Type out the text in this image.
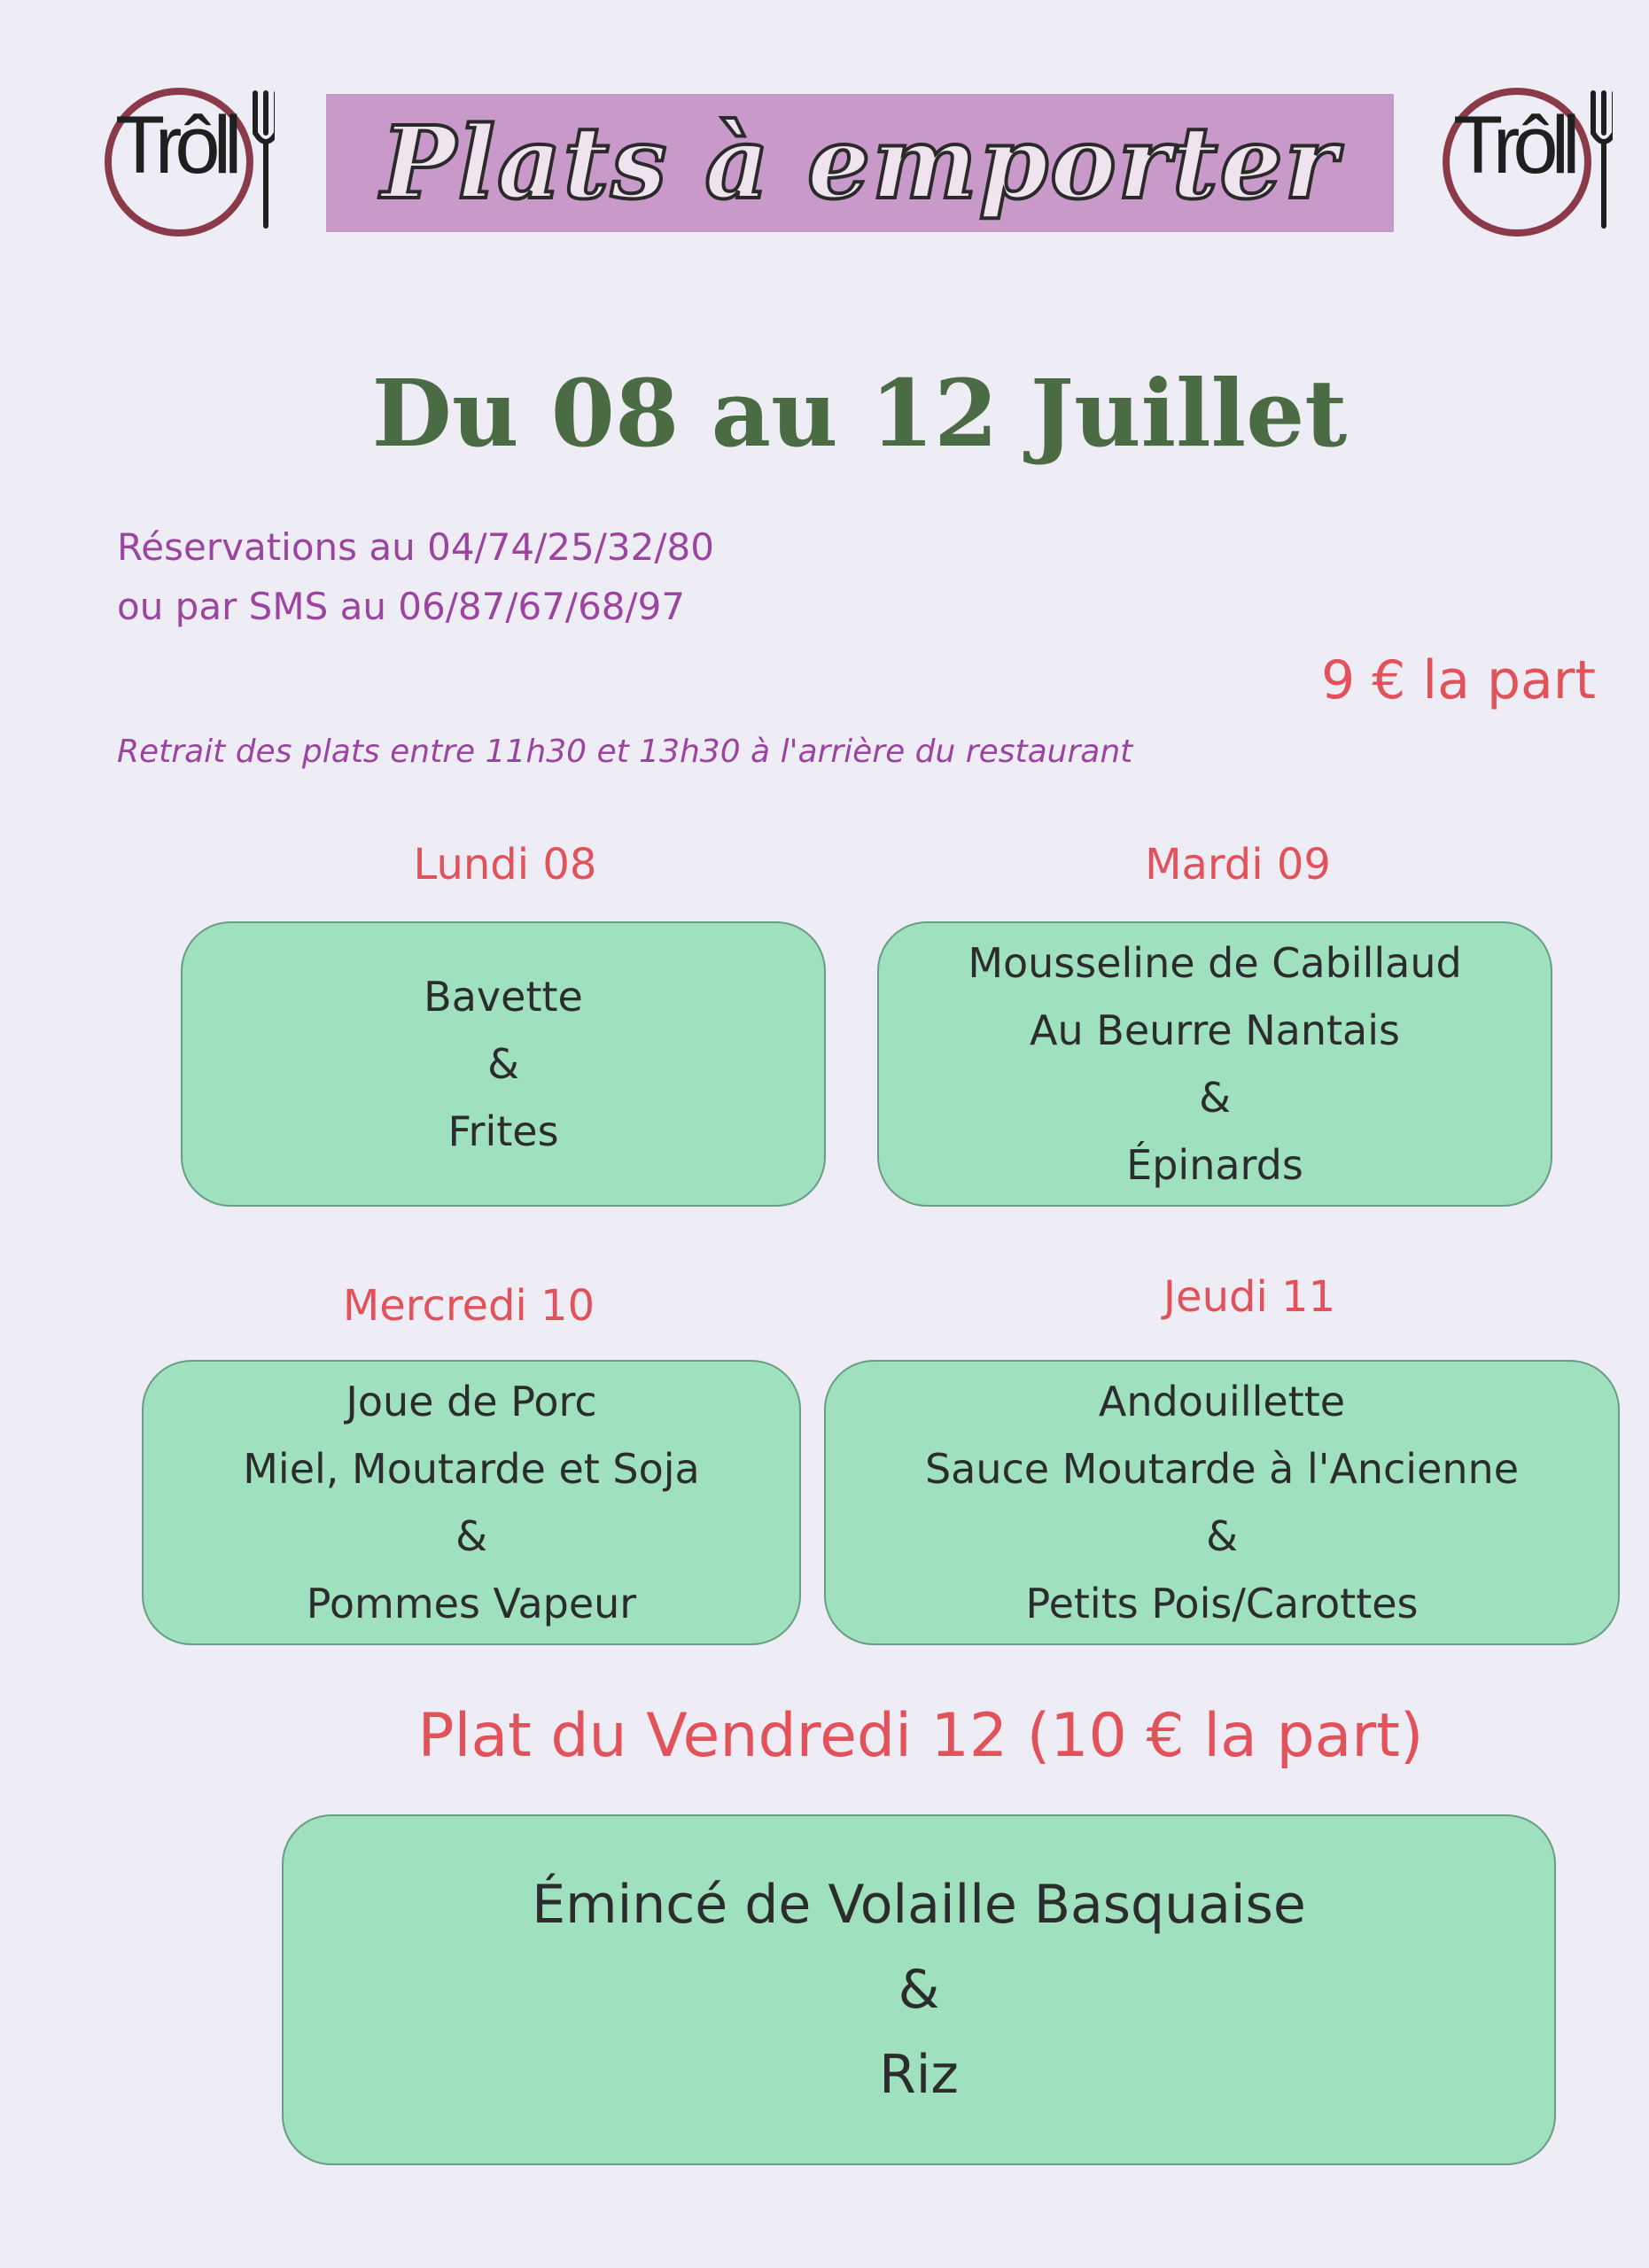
Trôll	Trôll
Plats à emporter
Du 08 au 12 Juillet
Réservations au 04/74/25/32/80
ou par SMS au 06/87/67/68/97
9 € la part
Retrait des plats entre 11h30 et 13h30 à l'arrière du restaurant
Lundi 08
Bavette
&
Frites
Mardi 09
Mousseline de Cabillaud
Au Beurre Nantais
&
Épinards
Mercredi 10
Joue de Porc
Miel, Moutarde et Soja
&
Pommes Vapeur
Jeudi 11
Andouillette
Sauce Moutarde à l'Ancienne
&
Petits Pois/Carottes
Plat du Vendredi 12 (10 € la part)
Émincé de Volaille Basquaise
&
Riz
